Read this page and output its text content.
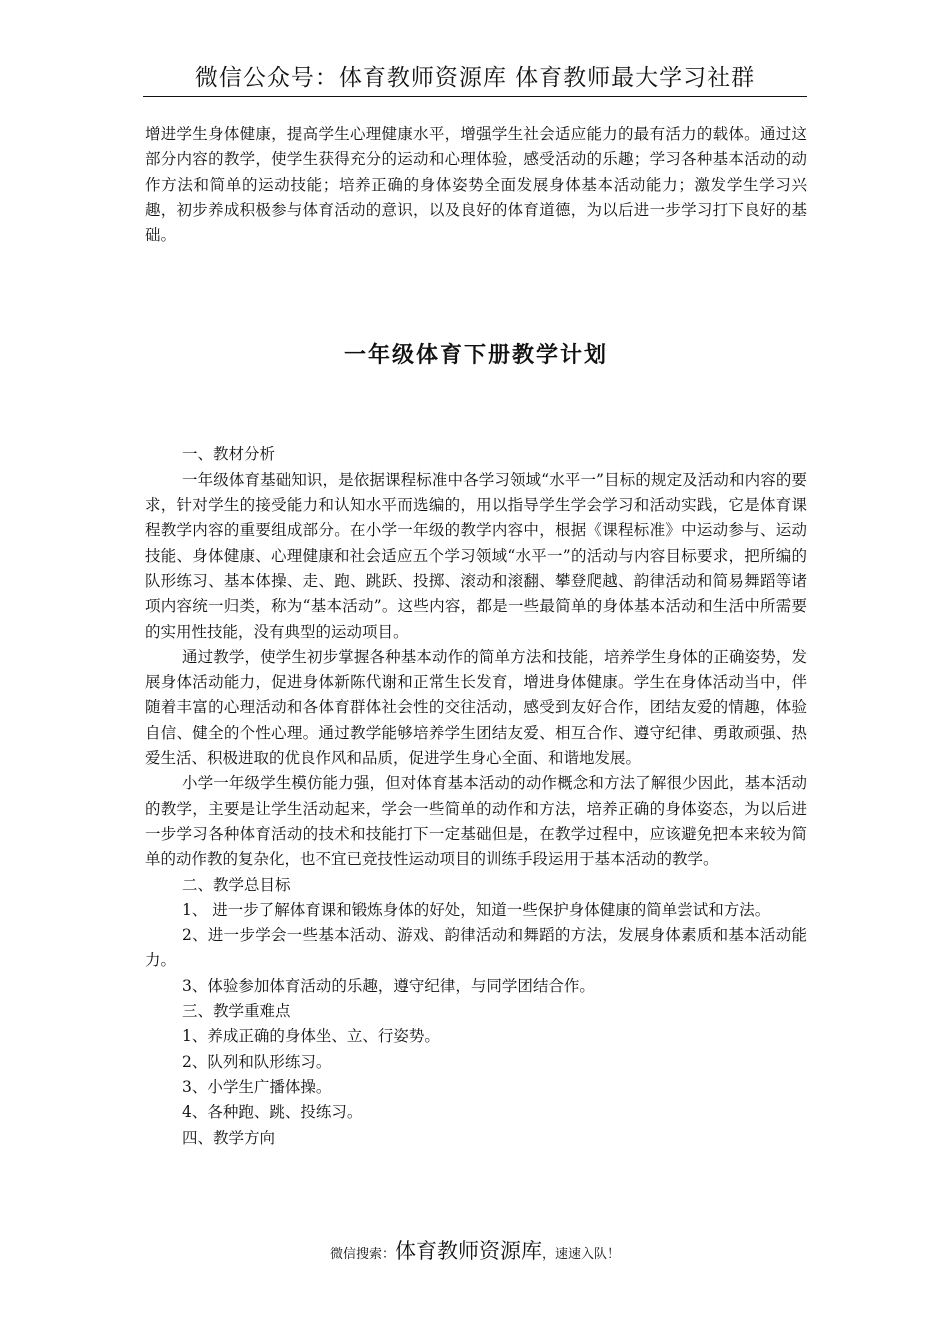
微信公众号：体育教师资源库 体育教师最大学习社群

增进学生身体健康，提高学生心理健康水平，增强学生社会适应能力的最有活力的载体。通过这部分内容的教学，使学生获得充分的运动和心理体验，感受活动的乐趣；学习各种基本活动的动作方法和简单的运动技能；培养正确的身体姿势全面发展身体基本活动能力；激发学生学习兴趣，初步养成积极参与体育活动的意识，以及良好的体育道德，为以后进一步学习打下良好的基础。

一年级体育下册教学计划

一、教材分析

一年级体育基础知识，是依据课程标准中各学习领域“水平一”目标的规定及活动和内容的要求，针对学生的接受能力和认知水平而选编的，用以指导学生学会学习和活动实践，它是体育课程教学内容的重要组成部分。在小学一年级的教学内容中，根据《课程标准》中运动参与、运动技能、身体健康、心理健康和社会适应五个学习领域“水平一”的活动与内容目标要求，把所编的队形练习、基本体操、走、跑、跳跃、投掷、滚动和滚翻、攀登爬越、韵律活动和简易舞蹈等诸项内容统一归类，称为“基本活动”。这些内容，都是一些最简单的身体基本活动和生活中所需要的实用性技能，没有典型的运动项目。

通过教学，使学生初步掌握各种基本动作的简单方法和技能，培养学生身体的正确姿势，发展身体活动能力，促进身体新陈代谢和正常生长发育，增进身体健康。学生在身体活动当中，伴随着丰富的心理活动和各体育群体社会性的交往活动，感受到友好合作，团结友爱的情趣，体验自信、健全的个性心理。通过教学能够培养学生团结友爱、相互合作、遵守纪律、勇敢顽强、热爱生活、积极进取的优良作风和品质，促进学生身心全面、和谐地发展。

小学一年级学生模仿能力强，但对体育基本活动的动作概念和方法了解很少因此，基本活动的教学，主要是让学生活动起来，学会一些简单的动作和方法，培养正确的身体姿态，为以后进一步学习各种体育活动的技术和技能打下一定基础但是，在教学过程中，应该避免把本来较为简单的动作教的复杂化，也不宜已竞技性运动项目的训练手段运用于基本活动的教学。

二、教学总目标

1、 进一步了解体育课和锻炼身体的好处，知道一些保护身体健康的简单尝试和方法。

2、进一步学会一些基本活动、游戏、韵律活动和舞蹈的方法，发展身体素质和基本活动能力。

3、体验参加体育活动的乐趣，遵守纪律，与同学团结合作。

三、教学重难点

1、养成正确的身体坐、立、行姿势。

2、队列和队形练习。

3、小学生广播体操。

4、各种跑、跳、投练习。

四、教学方向

微信搜索：体育教师资源库，速速入队！
